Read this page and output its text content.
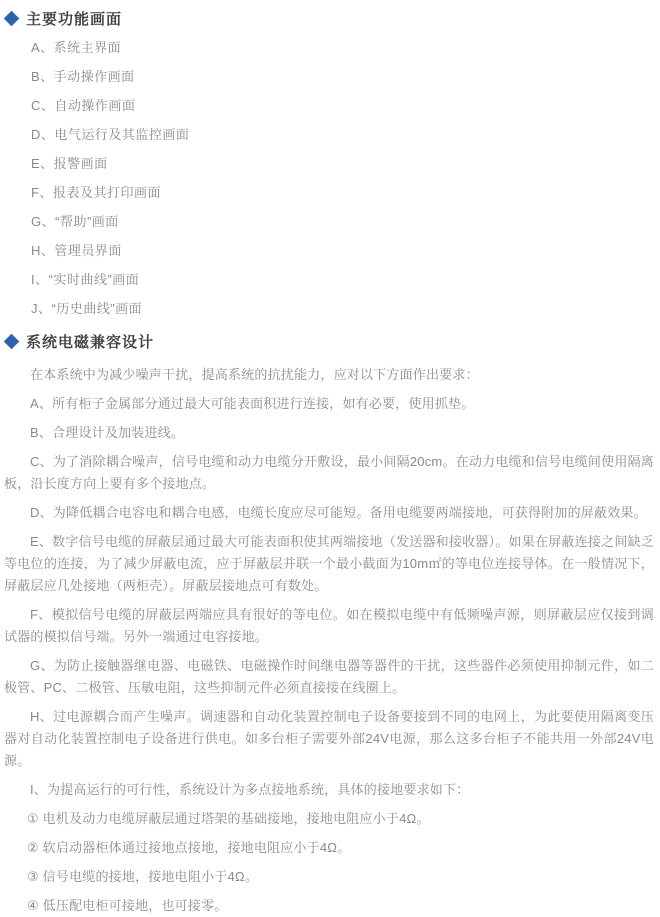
主要功能画面
A、系统主界面
B、手动操作画面
C、自动操作画面
D、电气运行及其监控画面
E、报警画面
F、报表及其打印画面
G、“帮助”画面
H、管理员界面
I、“实时曲线”画面
J、“历史曲线”画面
系统电磁兼容设计

在本系统中为减少噪声干扰，提高系统的抗扰能力，应对以下方面作出要求：

A、所有柜子金属部分通过最大可能表面积进行连接，如有必要，使用抓垫。

B、合理设计及加装进线。

C、为了消除耦合噪声，信号电缆和动力电缆分开敷设，最小间隔20cm。在动力电缆和信号电缆间使用隔离板，沿长度方向上要有多个接地点。

D、为降低耦合电容电和耦合电感，电缆长度应尽可能短。备用电缆要两端接地，可获得附加的屏蔽效果。

E、数字信号电缆的屏蔽层通过最大可能表面积使其两端接地（发送器和接收器）。如果在屏蔽连接之间缺乏等电位的连接，为了减少屏蔽电流，应于屏蔽层并联一个最小截面为10m㎡的等电位连接导体。在一般情况下，屏蔽层应几处接地（两柜壳）。屏蔽层接地点可有数处。

F、模拟信号电缆的屏蔽层两端应具有很好的等电位。如在模拟电缆中有低频噪声源，则屏蔽层应仅接到调试器的模拟信号端。另外一端通过电容接地。

G、为防止接触器继电器、电磁铁、电磁操作时间继电器等器件的干扰，这些器件必须使用抑制元件，如二极管、PC、二极管、压敏电阻，这些抑制元件必须直接接在线圈上。

H、过电源耦合而产生噪声。调速器和自动化装置控制电子设备要接到不同的电网上，为此要使用隔离变压器对自动化装置控制电子设备进行供电。如多台柜子需要外部24V电源，那么这多台柜子不能共用一外部24V电源。

I、为提高运行的可行性，系统设计为多点接地系统，具体的接地要求如下：

① 电机及动力电缆屏蔽层通过塔架的基础接地，接地电阻应小于4Ω。

② 软启动器柜体通过接地点接地，接地电阻应小于4Ω。

③ 信号电缆的接地，接地电阻小于4Ω。

④ 低压配电柜可接地，也可接零。
